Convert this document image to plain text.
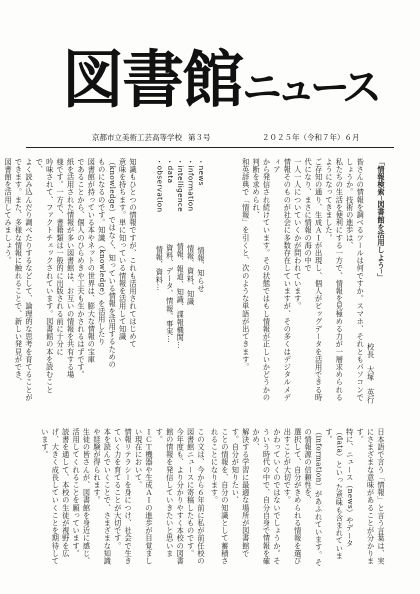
図書館ニュース
京都市立美術工芸高等学校 第３号	２０２５年（令和７年）６月

「情報検索─図書館を活用しよう─」

校長　大塚　英行

皆さんの情報を調べるツールは何ですか。スマホ、それともパソコンでしょうか。技術の進歩は、

私たちの生活を便利にする一方で、情報を見極める力が一層求められるようになってきました。

ご存知の通り、生成ＡＩが出現し、個人がビッグデータを活用できる時代になり、まさに情報の海の中で

一人一人についていくかが問われています。

情報そのものが社会に多数存在していますが、その多くはデジタルメディア

から発信され続けています。その状態ではもし情報が正しいかどうかの判断を求められ、

和英辞典で「情報」を引くと、次のような単語が出てきます。

・news　　　　　　　　情報、知らせ

・information　　　　 情報、資料、知識

・intelligence　　　　情報、報道、知識、諜報機関…

・data　　　　　　　　資料、データ、情報、事実…

・observation　　　　 情報、資料…

知識もひとつの情報ですが、これも活用されてはじめて

意味を持ちます。単に知っている情報を活用して知識

（knowledge）ではなく、知っている情報を活用するための

ものになるのです。知識（knowledge）を活用したり

図書館が持っている本やネットの世界は、膨大な情報の宝庫

であることから、個人のひらめきや工夫も生かされるはずです。

紙を活用された情報が多い図書館は、お互いの情報を共有する場

様です。一方で、書籍類は一般的に出版される前に十分に

吟味されて、ファクトチェックされています。図書館の本を読むことで、

よく読み込んだり調べたりするなどして、論理的な思考を育てることが

できます。また、多様な情報に触れることで、新しい発見ができ、

図書館を活用してみましょう。

日本語で言う「情報」と言う言葉は、実にさまざまな意味があることが分かります。

特に、ニュース（news）やデータ（data）といった意味も含まれています。

（information）があふれています。その情報源の信頼性を、

選択して、自分がきめられる情報を選び出すことが大切です。

かわっていくのではないでしょうか。そういう時代の中で、自分自身で情報を確かめ、

解決する学習に最適な場所が図書館です。自分が知りたい、

ことの情報を、自分の知識として蓄積されることになります。

この文は、今から６年前に私が前任校の図書館ニュースに寄稿したものです。

今年度も、より分かりやすく本校の図書館の情報を発信していきたいと思います。

ＩＣＴ機器や生成ＡＩの進歩が目覚ましい現在において、

情報リテラシーを身につけ、社会で生きていく力を育てることが大切です。

本を読んでいくことで、さまざまな知識や経験が得られます。

生徒の皆さんが、図書館を身近に感じ、活用してくれることを願っています。

読書を通して、本校の生徒が視野を広げ、大きく成長していくことを期待しています。
